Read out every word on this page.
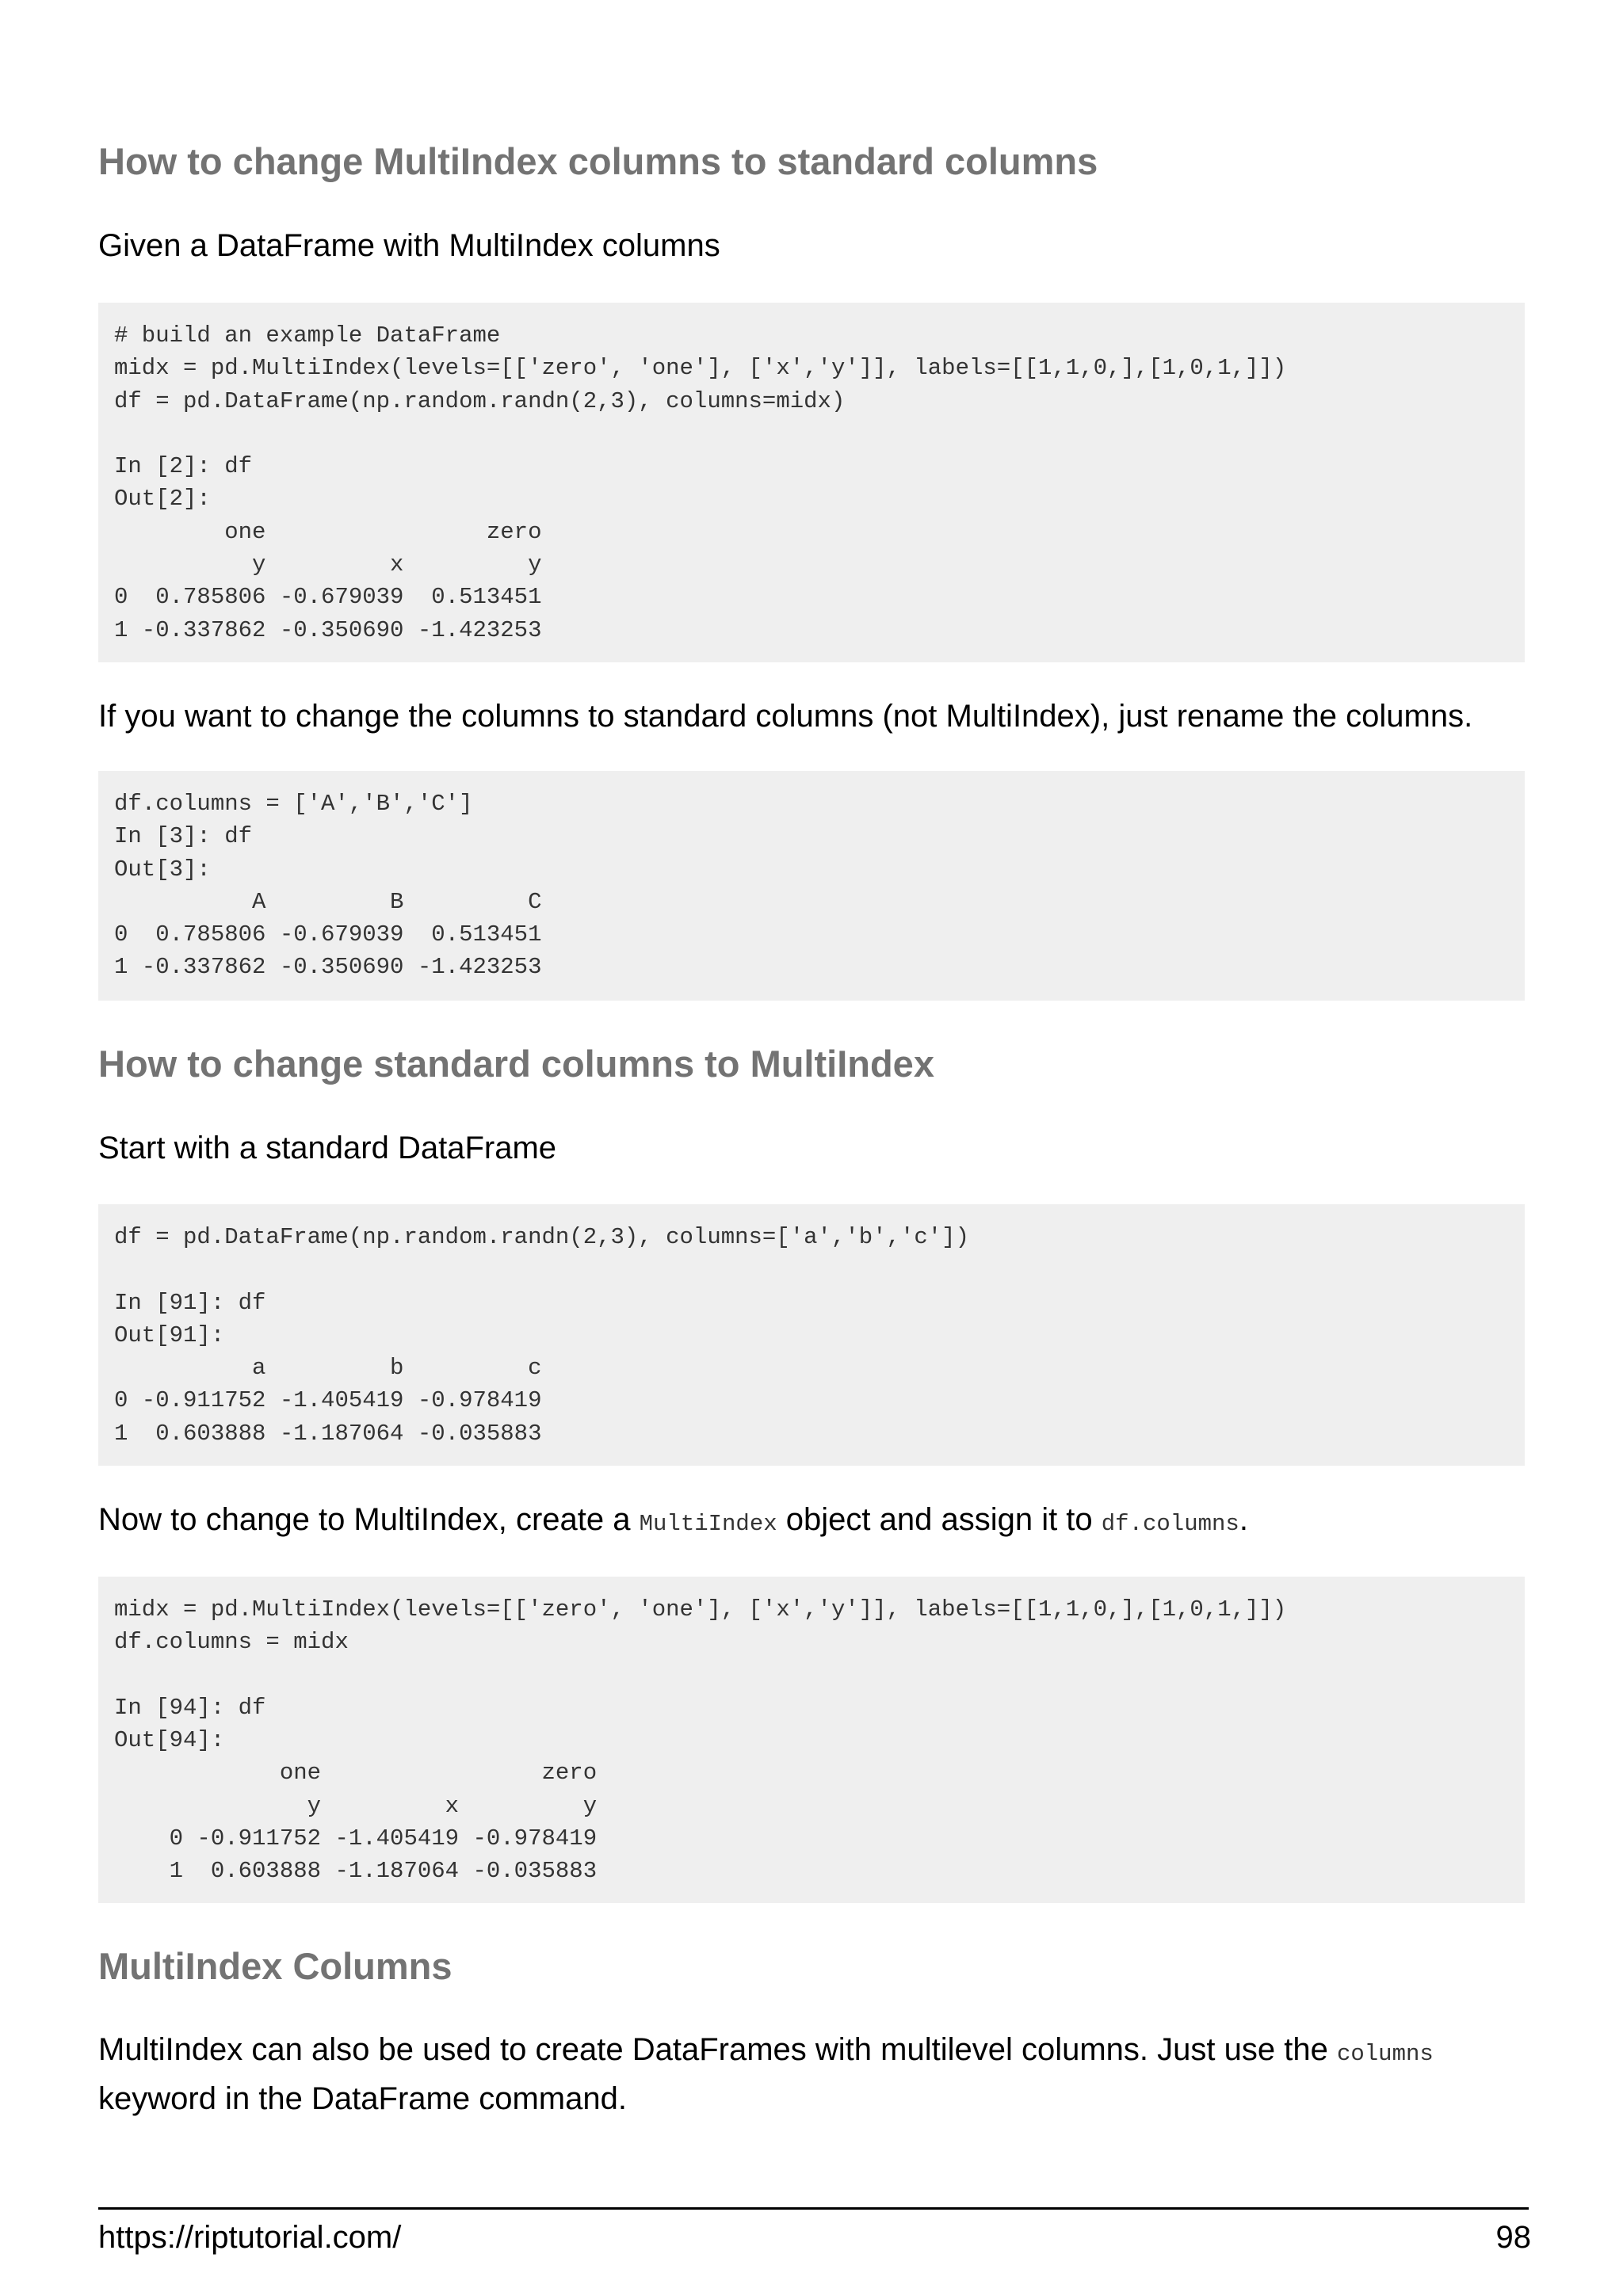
How to change MultiIndex columns to standard columns

Given a DataFrame with MultiIndex columns

# build an example DataFrame
midx = pd.MultiIndex(levels=[['zero', 'one'], ['x','y']], labels=[[1,1,0,],[1,0,1,]])
df = pd.DataFrame(np.random.randn(2,3), columns=midx)

In [2]: df
Out[2]:
one                zero
y         x         y
0  0.785806 -0.679039  0.513451
1 -0.337862 -0.350690 -1.423253

If you want to change the columns to standard columns (not MultiIndex), just rename the columns.

df.columns = ['A','B','C']
In [3]: df
Out[3]:
A         B         C
0  0.785806 -0.679039  0.513451
1 -0.337862 -0.350690 -1.423253
How to change standard columns to MultiIndex

Start with a standard DataFrame

df = pd.DataFrame(np.random.randn(2,3), columns=['a','b','c'])

In [91]: df
Out[91]:
a         b         c
0 -0.911752 -1.405419 -0.978419
1  0.603888 -1.187064 -0.035883

Now to change to MultiIndex, create a MultiIndex object and assign it to df.columns.

midx = pd.MultiIndex(levels=[['zero', 'one'], ['x','y']], labels=[[1,1,0,],[1,0,1,]])
df.columns = midx

In [94]: df
Out[94]:
one                zero
y         x         y
0 -0.911752 -1.405419 -0.978419
1  0.603888 -1.187064 -0.035883
MultiIndex Columns

MultiIndex can also be used to create DataFrames with multilevel columns. Just use the columns keyword in the DataFrame command.

https://riptutorial.com/	98
